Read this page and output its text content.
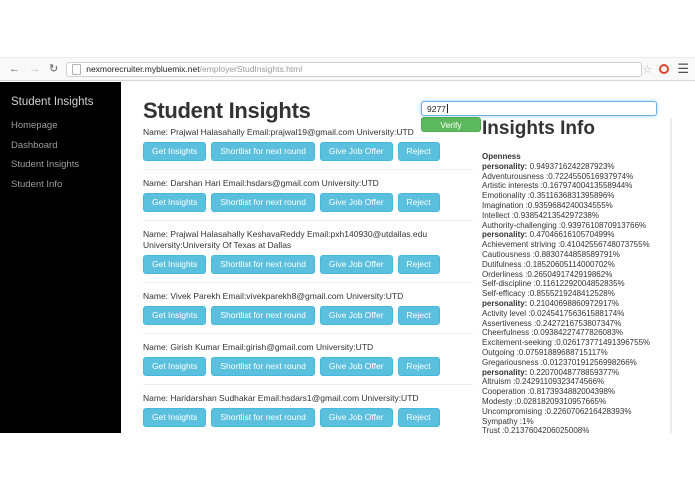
← → ↻	nexmorecruiter.mybluemix.net /employerStudInsights.html	☆ ☰
Student Insights
Homepage
Dashboard
Student Insights
Student Info
Student Insights

Name: Prajwal Halasahally Email:prajwal19@gmail.com University:UTD

Get Insights	Shortlist for next round	Give Job Offer	Reject

Name: Darshan Hari Email:hsdars@gmail.com University:UTD

Get Insights	Shortlist for next round	Give Job Offer	Reject

Name: Prajwal Halasahally KeshavaReddy Email:pxh140930@utdallas.edu University:University Of Texas at Dallas

Get Insights	Shortlist for next round	Give Job Offer	Reject

Name: Vivek Parekh Email:vivekparekh8@gmail.com University:UTD

Get Insights	Shortlist for next round	Give Job Offer	Reject

Name: Girish Kumar Email:girish@gmail.com University:UTD

Get Insights	Shortlist for next round	Give Job Offer	Reject

Name: Haridarshan Sudhakar Email:hsdars1@gmail.com University:UTD

Get Insights	Shortlist for next round	Give Job Offer	Reject
9277
Verify	Insights Info
Openness
personality: 0.9493716242287923%
Adventurousness :0.7224550516937974%
Artistic interests :0.16797400413558944%
Emotionality :0.3511636831395896%
Imagination :0.9359684240034555%
Intellect :0.9385421354297238%
Authority-challenging :0.9397610870913766%
personality: 0.4704661610570499%
Achievement striving :0.41042556748073755%
Cautiousness :0.8830744858589791%
Dutifulness :0.18520605114000702%
Orderliness :0.2650491742919862%
Self-discipline :0.11612292004852835%
Self-efficacy :0.8555219248412528%
personality: 0.21040698860972917%
Activity level :0.024541756361588174%
Assertiveness :0.2427216753807347%
Cheerfulness :0.09384227477826083%
Excitement-seeking :0.026173771491396755%
Outgoing :0.07591889688715117%
Gregariousness :0.012370191256998266%
personality: 0.22070048778859377%
Altruism :0.24291109323474566%
Cooperation :0.8173934882004398%
Modesty :0.02818209310957665%
Uncompromising :0.2260706216428393%
Sympathy :1%
Trust :0.2137604206025008%
